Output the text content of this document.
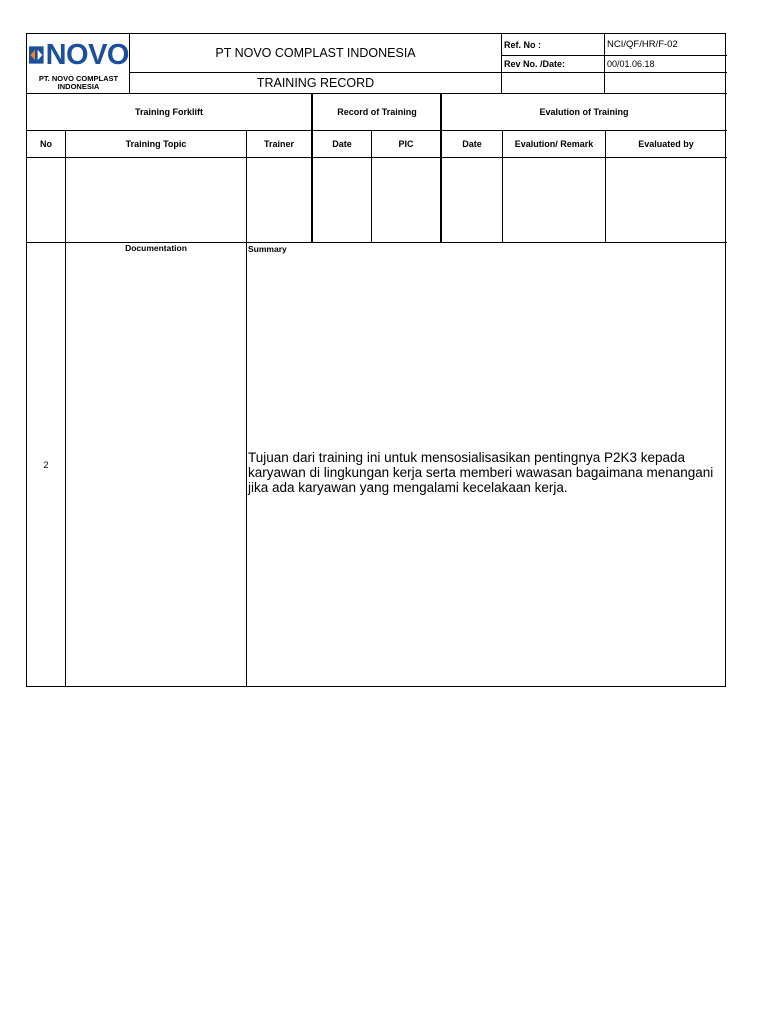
NOVO
PT. NOVO COMPLAST INDONESIA
PT NOVO COMPLAST INDONESIA
TRAINING RECORD
Ref. No :	NCI/QF/HR/F-02
Rev No. /Date:	00/01.06.18
Training Forklift	Record of Training	Evalution of Training
No	Training Topic	Trainer	Date	PIC	Date	Evalution/ Remark	Evaluated by
2
Documentation	Summary
Tujuan dari training ini untuk mensosialisasikan pentingnya P2K3 kepada karyawan di lingkungan kerja serta memberi wawasan bagaimana menangani jika ada karyawan yang mengalami kecelakaan kerja.
